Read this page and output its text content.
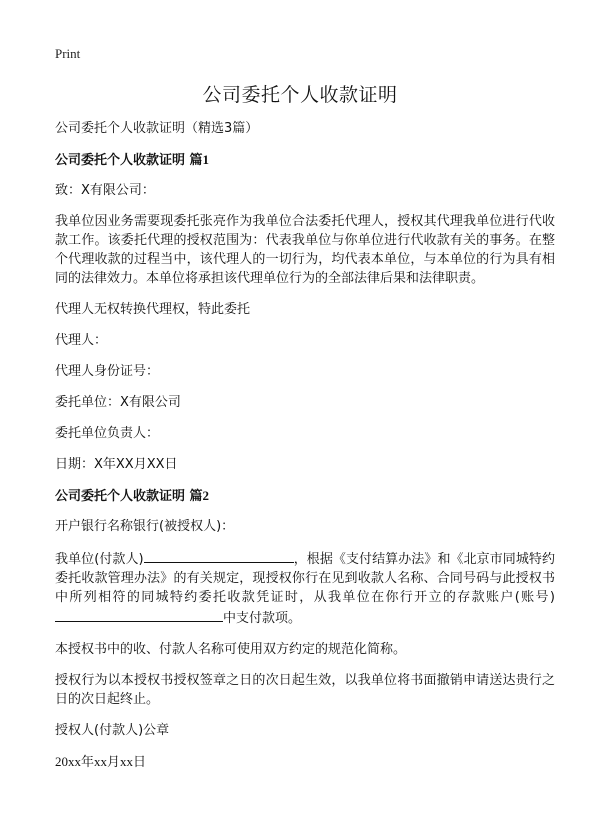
Print
公司委托个人收款证明

公司委托个人收款证明（精选3篇）

公司委托个人收款证明 篇1

致：X有限公司：

我单位因业务需要现委托张亮作为我单位合法委托代理人，授权其代理我单位进行代收款工作。该委托代理的授权范围为：代表我单位与你单位进行代收款有关的事务。在整个代理收款的过程当中，该代理人的一切行为，均代表本单位，与本单位的行为具有相同的法律效力。本单位将承担该代理单位行为的全部法律后果和法律职责。

代理人无权转换代理权，特此委托

代理人：

代理人身份证号：

委托单位：X有限公司

委托单位负责人：

日期：X年XX月XX日

公司委托个人收款证明 篇2

开户银行名称银行(被授权人)：

我单位(付款人)	，根据《支付结算办法》和《北京市同城特约委托收款管理办法》的有关规定，现授权你行在见到收款人名称、合同号码与此授权书中所列相符的同城特约委托收款凭证时，从我单位在你行开立的存款账户(账号)中支付款项。

本授权书中的收、付款人名称可使用双方约定的规范化简称。

授权行为以本授权书授权签章之日的次日起生效，以我单位将书面撤销申请送达贵行之日的次日起终止。

授权人(付款人)公章

20xx年xx月xx日
